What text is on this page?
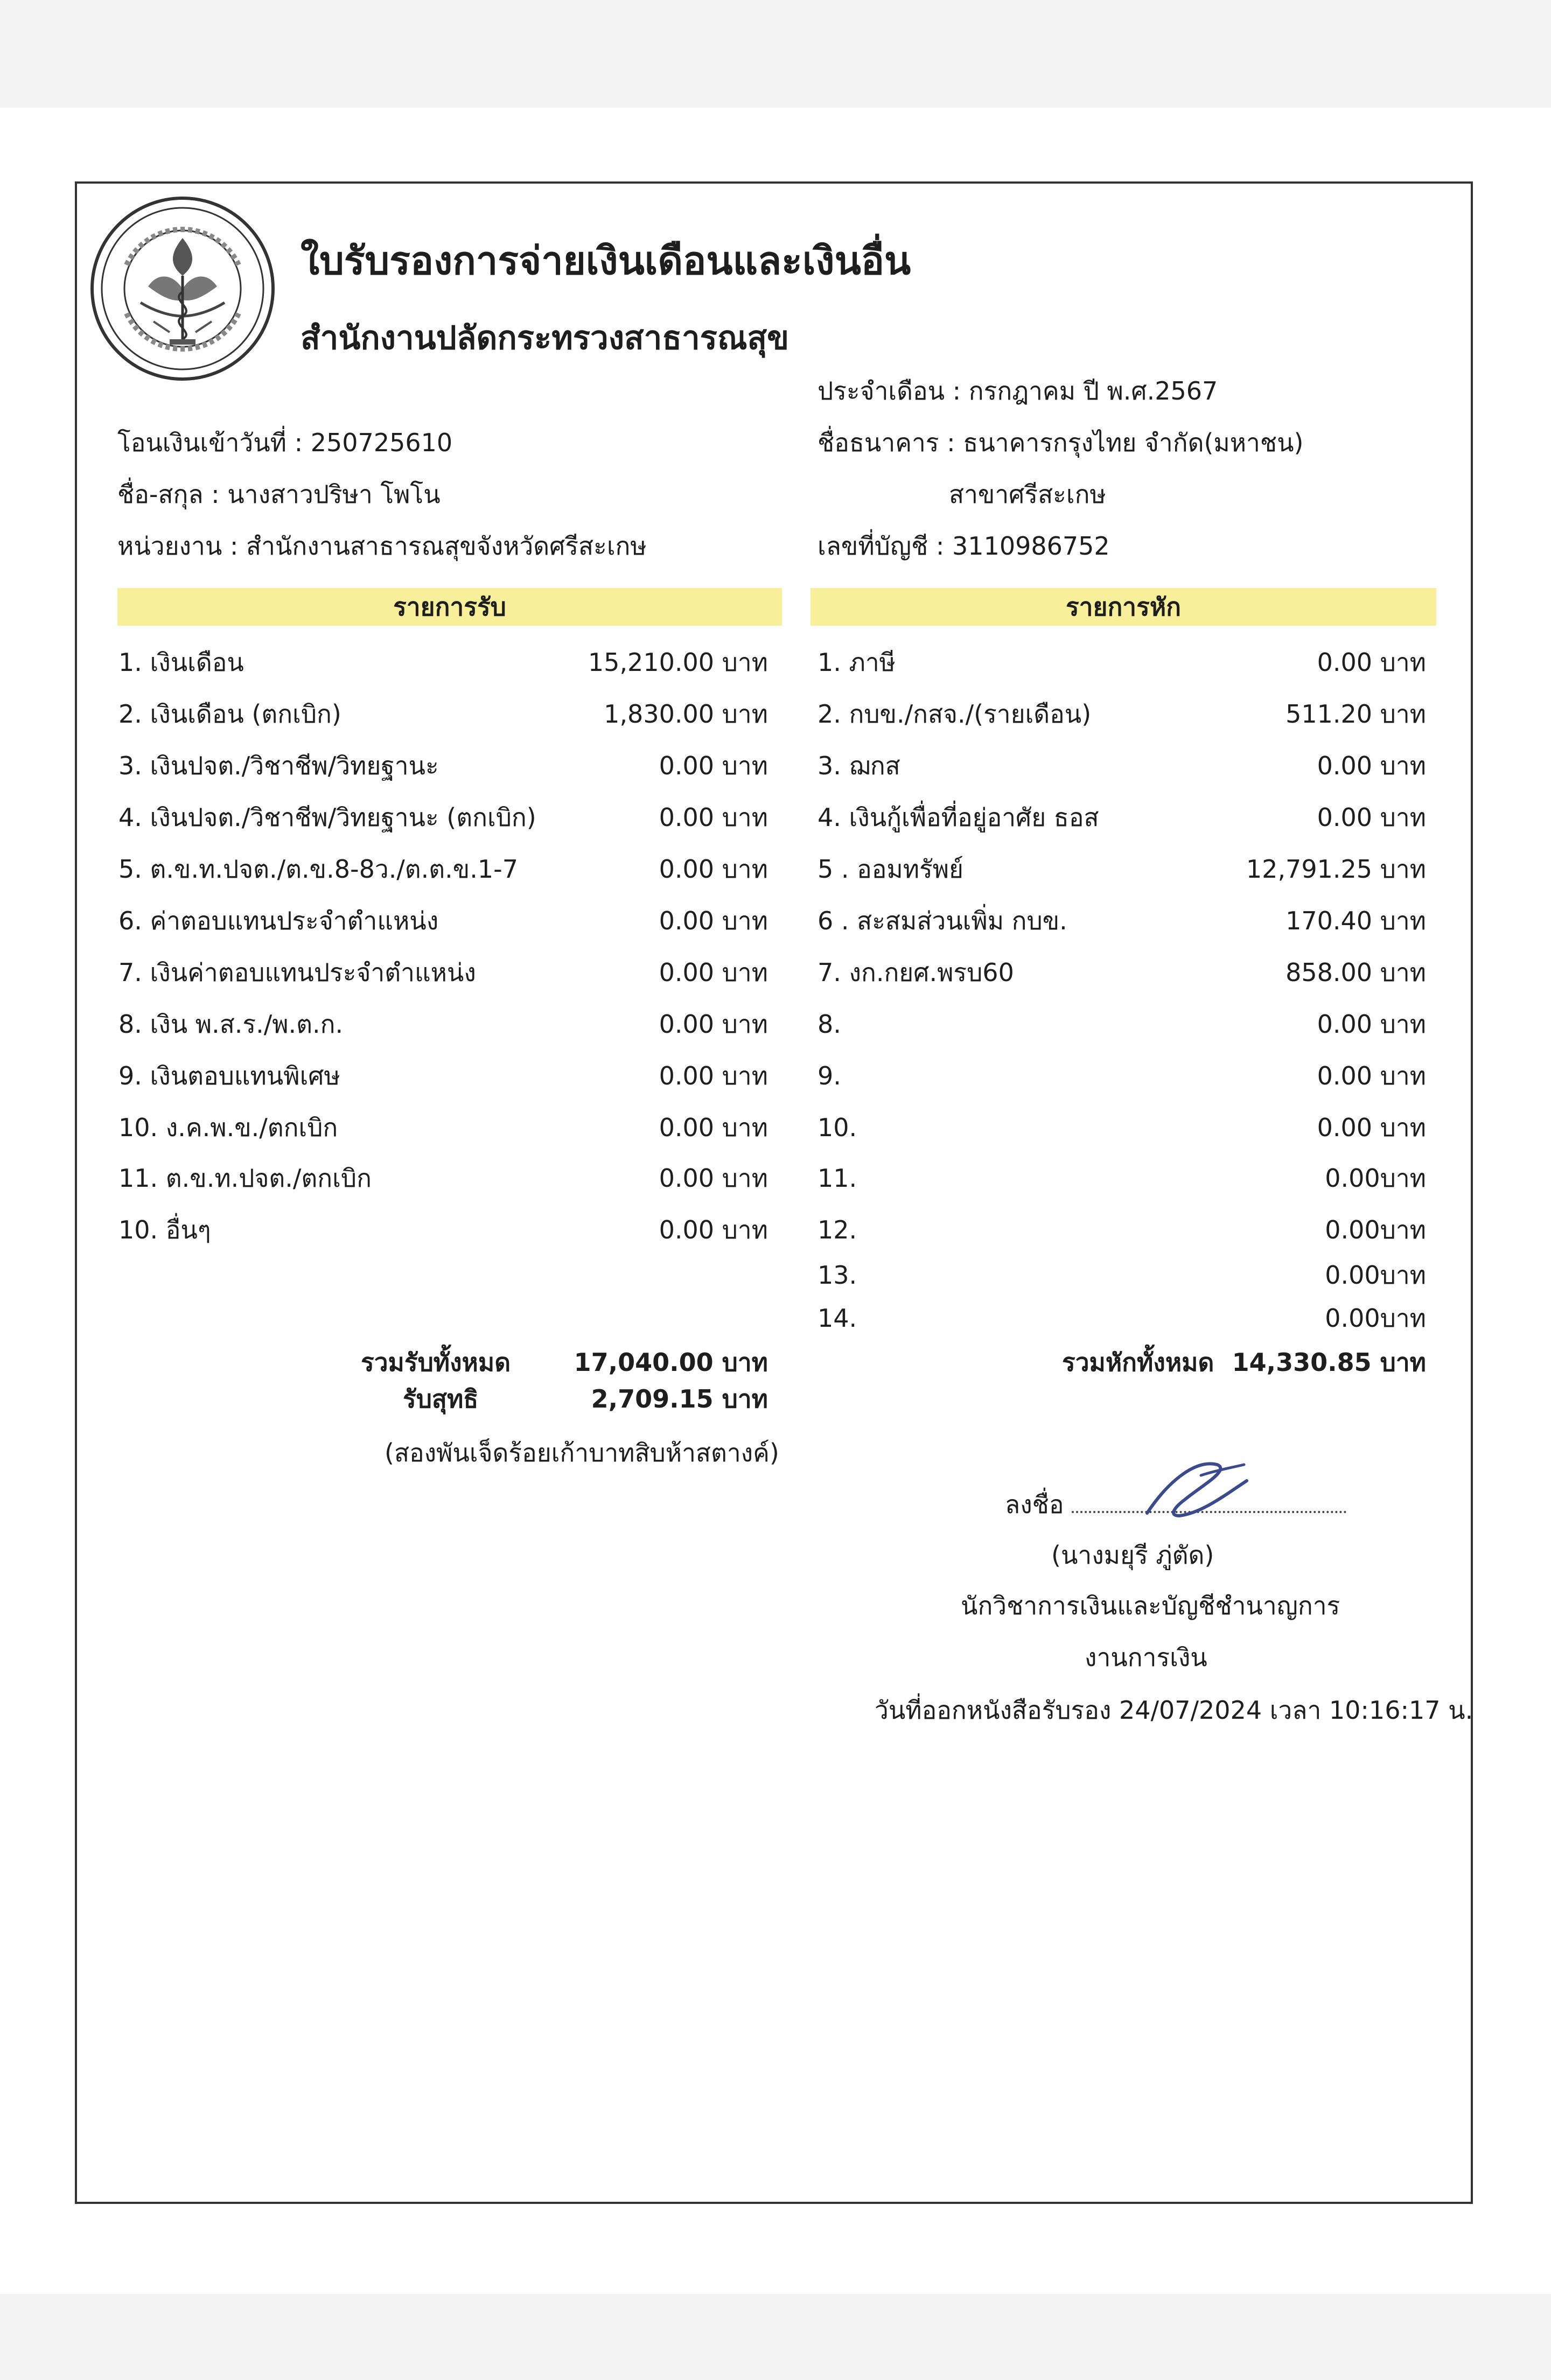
ใบรับรองการจ่ายเงินเดือนและเงินอื่น
สำนักงานปลัดกระทรวงสาธารณสุข
ประจำเดือน : กรกฎาคม ปี พ.ศ.2567
โอนเงินเข้าวันที่ : 250725610	ชื่อธนาคาร : ธนาคารกรุงไทย จำกัด(มหาชน)
ชื่อ-สกุล : นางสาวปริษา โพโน	สาขาศรีสะเกษ
หน่วยงาน : สำนักงานสาธารณสุขจังหวัดศรีสะเกษ	เลขที่บัญชี : 3110986752
รายการรับ	รายการหัก
1. เงินเดือน	15,210.00 บาท
2. เงินเดือน (ตกเบิก)	1,830.00 บาท
3. เงินปจต./วิชาชีพ/วิทยฐานะ	0.00 บาท
4. เงินปจต./วิชาชีพ/วิทยฐานะ (ตกเบิก)	0.00 บาท
5. ต.ข.ท.ปจต./ต.ข.8-8ว./ต.ต.ข.1-7	0.00 บาท
6. ค่าตอบแทนประจำตำแหน่ง	0.00 บาท
7. เงินค่าตอบแทนประจำตำแหน่ง	0.00 บาท
8. เงิน พ.ส.ร./พ.ต.ก.	0.00 บาท
9. เงินตอบแทนพิเศษ	0.00 บาท
10. ง.ค.พ.ข./ตกเบิก	0.00 บาท
11. ต.ข.ท.ปจต./ตกเบิก	0.00 บาท
10. อื่นๆ	0.00 บาท
1. ภาษี	0.00 บาท
2. กบข./กสจ./(รายเดือน)	511.20 บาท
3. ฌกส	0.00 บาท
4. เงินกู้เพื่อที่อยู่อาศัย ธอส	0.00 บาท
5 . ออมทรัพย์	12,791.25 บาท
6 . สะสมส่วนเพิ่ม กบข.	170.40 บาท
7. งก.กยศ.พรบ60	858.00 บาท
8.	0.00 บาท
9.	0.00 บาท
10.	0.00 บาท
11.	0.00บาท
12.	0.00บาท
13.	0.00บาท
14.	0.00บาท
รวมรับทั้งหมด	17,040.00 บาท
รับสุทธิ	2,709.15 บาท
(สองพันเจ็ดร้อยเก้าบาทสิบห้าสตางค์)
รวมหักทั้งหมด 14,330.85 บาท
ลงชื่อ
(นางมยุรี ภู่ตัด)
นักวิชาการเงินและบัญชีชำนาญการ
งานการเงิน
วันที่ออกหนังสือรับรอง 24/07/2024 เวลา 10:16:17 น.
